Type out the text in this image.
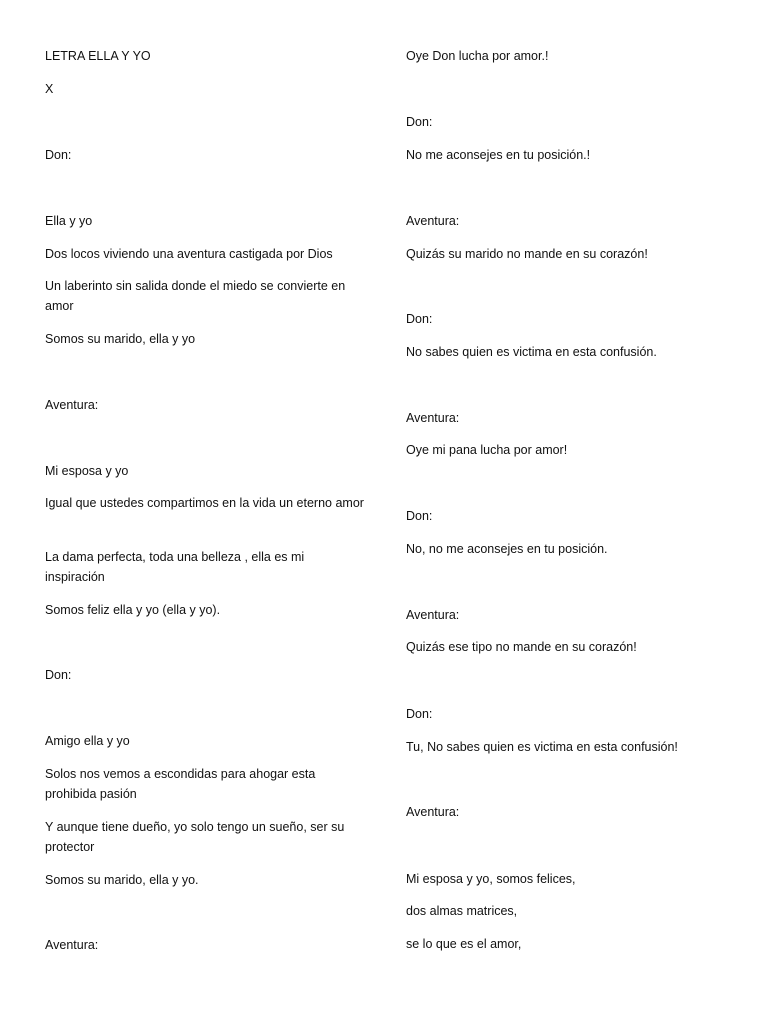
LETRA ELLA Y YO
X
Don:
Ella y yo
Dos locos viviendo una aventura castigada por Dios
Un laberinto sin salida donde el miedo se convierte en amor
Somos su marido, ella y yo
Aventura:
Mi esposa y yo
Igual que ustedes compartimos en la vida un eterno amor
La dama perfecta, toda una belleza , ella es mi inspiración
Somos feliz ella y yo (ella y yo).
Don:
Amigo ella y yo
Solos nos vemos a escondidas para ahogar esta prohibida pasión
Y aunque tiene dueño, yo solo tengo un sueño, ser su protector
Somos su marido, ella y yo.
Aventura:
Oye Don lucha por amor.!
Don:
No me aconsejes en tu posición.!
Aventura:
Quizás su marido no mande en su corazón!
Don:
No sabes quien es victima en esta confusión.
Aventura:
Oye mi pana lucha por amor!
Don:
No, no me aconsejes en tu posición.
Aventura:
Quizás ese tipo no mande en su corazón!
Don:
Tu, No sabes quien es victima en esta confusión!
Aventura:
Mi esposa y yo, somos felices,
dos almas matrices,
se lo que es el amor,
